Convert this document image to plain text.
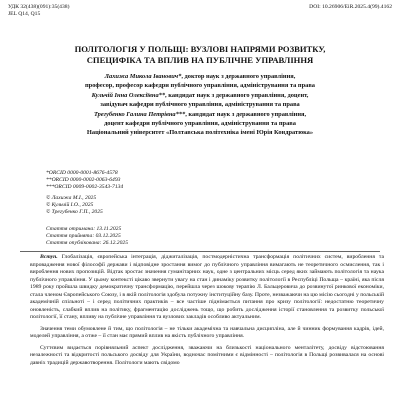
УДК 32(438)(091):35(438)
JEL Q14, Q15
DOI: 10.26906/EiR.2025.4(99).4162
ПОЛІТОЛОГІЯ У ПОЛЬЩІ: ВУЗЛОВІ НАПРЯМИ РОЗВИТКУ,
СПЕЦИФІКА ТА ВПЛИВ НА ПУБЛІЧНЕ УПРАВЛІННЯ
Лахижа Микола Іванович*, доктор наук з державного управління,
професор, професор кафедри публічного управління, адміністрування та права
Кульчій Інна Олексіївна**, кандидат наук з державного управління, доцент,
завідувач кафедри публічного управління, адміністрування та права
Трегубенко Галина Петрівна***, кандидат наук з державного управління,
доцент кафедри публічного управління, адміністрування та права
Національний університет «Полтавська політехніка імені Юрія Кондратюка»
*ORCID 0000-0001-8676-4578
**ORCID 0000-0002-0063-6493
***ORCID 0009-0002-3543-7134
© Лахижа М.І., 2025
© Кульчій І.О., 2025
© Трегубенко Г.П., 2025
Стаття отримана: 13.11.2025
Стаття прийнята: 03.12.2025
Стаття опублікована: 26.12.2025

Вступ. Глобалізація, європейська інтеграція, діджиталізація, постмодерністична трансформація політичних систем, вироблення та впровадження нової філософії держави і відповідне зростання вимог до публічного управління вимагають не теоретичного осмислення, так і вироблення нових пропозицій. Відтак зростає значення гуманітарних наук, одне з центральних місць серед яких займають політологія та наука публічного управління. У цьому контексті цікаво звернути увагу на стан і динаміку розвитку політології в Республіці Польща – країні, яка після 1989 року пройшла швидку демократичну трансформацію, перейшла через шокову терапію Л. Бальцеровича до розвинутої ринкової економіки, стала членом Європейського Союзу, і в якій політологія здобула потужну інституційну базу. Проте, незважаючи на цю місію сьогодні у польській академічній спільноті – і серед політичних практиків – все частіше піднімається питання про кризу політології: недостатню теоретичну оновленість, слабкий вплив на політику, фрагментацію досліджень тощо, що робить дослідження історії становлення та розвитку польської політології, її стану, впливу на публічне управління та вузлових закладів особливо актуальним.

Значення теми обумовлене й тим, що політологія – не тільки академічна та навчальна дисципліна, але й чинник формування кадрів, ідей, моделей управління, а отже – її стан має прямий вплив на якість публічного управління.

Суттєвим видається порівняльний аспект дослідження, зважаючи на близькості національного менталітету, досвіду відстоювання незалежності та відкритості польського досвіду для України, водночас помітними є відмінності – політологія в Польщі розвивалася на основі давніх традицій державотворення. Політологи мають свідомо
